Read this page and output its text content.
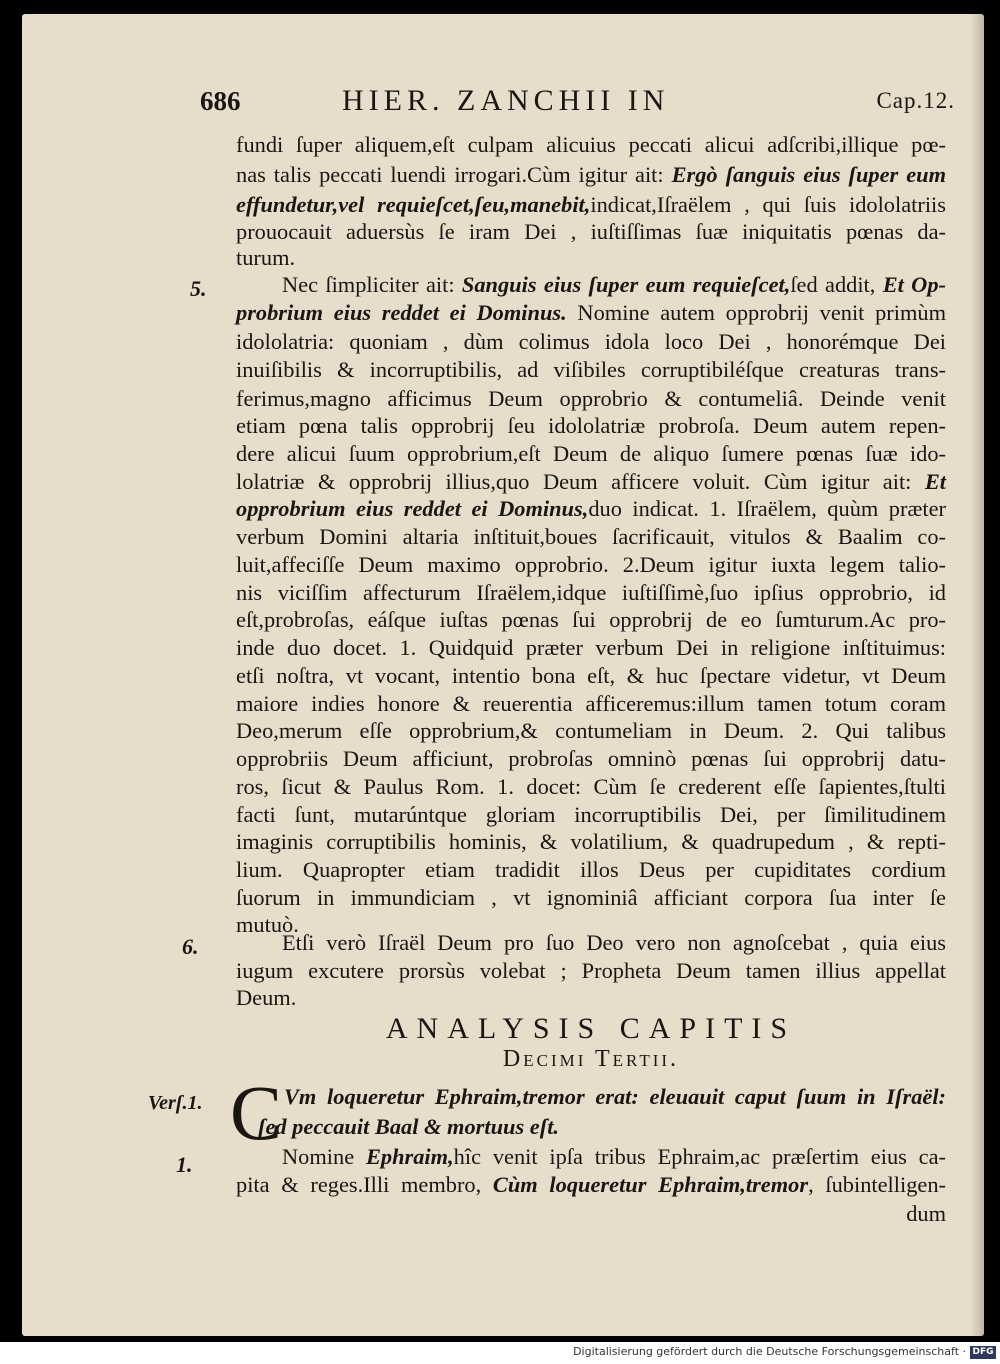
686	HIER. ZANCHII IN	Cap.12.
fundi ſuper aliquem,eſt culpam alicuius peccati alicui adſcribi,illique pœ-
nas talis peccati luendi irrogari.Cùm igitur ait: Ergò ſanguis eius ſuper eum
effundetur,vel requieſcet,ſeu,manebit,indicat,Iſraëlem , qui ſuis idololatriis
prouocauit aduersùs ſe iram Dei , iuſtiſſimas ſuæ iniquitatis pœnas da-
turum.
5.	Nec ſimpliciter ait: Sanguis eius ſuper eum requieſcet,ſed addit, Et Op-
probrium eius reddet ei Dominus. Nomine autem opprobrij venit primùm
idololatria: quoniam , dùm colimus idola loco Dei , honorémque Dei
inuiſibilis & incorruptibilis, ad viſibiles corruptibiléſque creaturas trans-
ferimus,magno afficimus Deum opprobrio & contumeliâ. Deinde venit
etiam pœna talis opprobrij ſeu idololatriæ probroſa. Deum autem repen-
dere alicui ſuum opprobrium,eſt Deum de aliquo ſumere pœnas ſuæ ido-
lolatriæ & opprobrij illius,quo Deum afficere voluit. Cùm igitur ait: Et
opprobrium eius reddet ei Dominus,duo indicat. 1. Iſraëlem, quùm præter
verbum Domini altaria inſtituit,boues ſacrificauit, vitulos & Baalim co-
luit,affeciſſe Deum maximo opprobrio. 2.Deum igitur iuxta legem talio-
nis viciſſim affecturum Iſraëlem,idque iuſtiſſimè,ſuo ipſius opprobrio, id
eſt,probroſas, eáſque iuſtas pœnas ſui opprobrij de eo ſumturum.Ac pro-
inde duo docet. 1. Quidquid præter verbum Dei in religione inſtituimus:
etſi noſtra, vt vocant, intentio bona eſt, & huc ſpectare videtur, vt Deum
maiore indies honore & reuerentia afficeremus:illum tamen totum coram
Deo,merum eſſe opprobrium,& contumeliam in Deum. 2. Qui talibus
opprobriis Deum afficiunt, probroſas omninò pœnas ſui opprobrij datu-
ros, ſicut & Paulus Rom. 1. docet: Cùm ſe crederent eſſe ſapientes,ſtulti
facti ſunt, mutarúntque gloriam incorruptibilis Dei, per ſimilitudinem
imaginis corruptibilis hominis, & volatilium, & quadrupedum , & repti-
lium. Quapropter etiam tradidit illos Deus per cupiditates cordium
ſuorum in immundiciam , vt ignominiâ afficiant corpora ſua inter ſe
mutuò.
6.	Etſi verò Iſraël Deum pro ſuo Deo vero non agnoſcebat , quia eius
iugum excutere prorsùs volebat ; Propheta Deum tamen illius appellat
Deum.
ANALYSIS CAPITIS
Decimi Tertii.
Verſ.1. C Vm loqueretur Ephraim,tremor erat: eleuauit caput ſuum in Iſraël:
ſed peccauit Baal & mortuus eſt.
1.	Nomine Ephraim,hîc venit ipſa tribus Ephraim,ac præſertim eius ca-
pita & reges.Illi membro, Cùm loqueretur Ephraim,tremor, ſubintelligen-
dum
Digitalisierung gefördert durch die Deutsche Forschungsgemeinschaft · DFG
